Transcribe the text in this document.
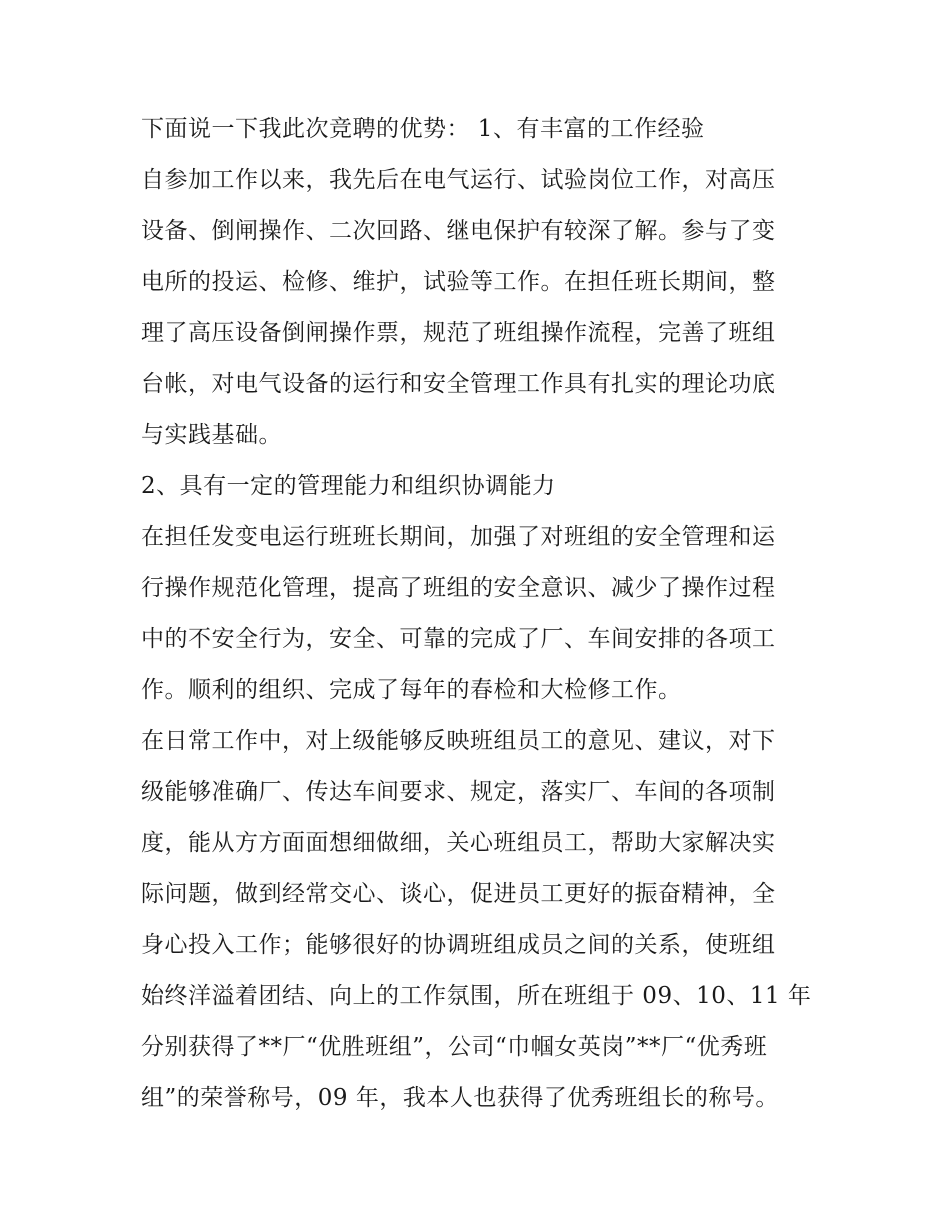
下面说一下我此次竞聘的优势： 1、有丰富的工作经验
自参加工作以来，我先后在电气运行、试验岗位工作，对高压
设备、倒闸操作、二次回路、继电保护有较深了解。参与了变
电所的投运、检修、维护，试验等工作。在担任班长期间，整
理了高压设备倒闸操作票，规范了班组操作流程，完善了班组
台帐，对电气设备的运行和安全管理工作具有扎实的理论功底
与实践基础。
2、具有一定的管理能力和组织协调能力
在担任发变电运行班班长期间，加强了对班组的安全管理和运
行操作规范化管理，提高了班组的安全意识、减少了操作过程
中的不安全行为，安全、可靠的完成了厂、车间安排的各项工
作。顺利的组织、完成了每年的春检和大检修工作。
在日常工作中，对上级能够反映班组员工的意见、建议，对下
级能够准确厂、传达车间要求、规定，落实厂、车间的各项制
度，能从方方面面想细做细，关心班组员工，帮助大家解决实
际问题，做到经常交心、谈心，促进员工更好的振奋精神，全
身心投入工作；能够很好的协调班组成员之间的关系，使班组
始终洋溢着团结、向上的工作氛围，所在班组于 09、10、11 年
分别获得了**厂“优胜班组”，公司“巾帼女英岗”**厂“优秀班
组”的荣誉称号，09 年，我本人也获得了优秀班组长的称号。
